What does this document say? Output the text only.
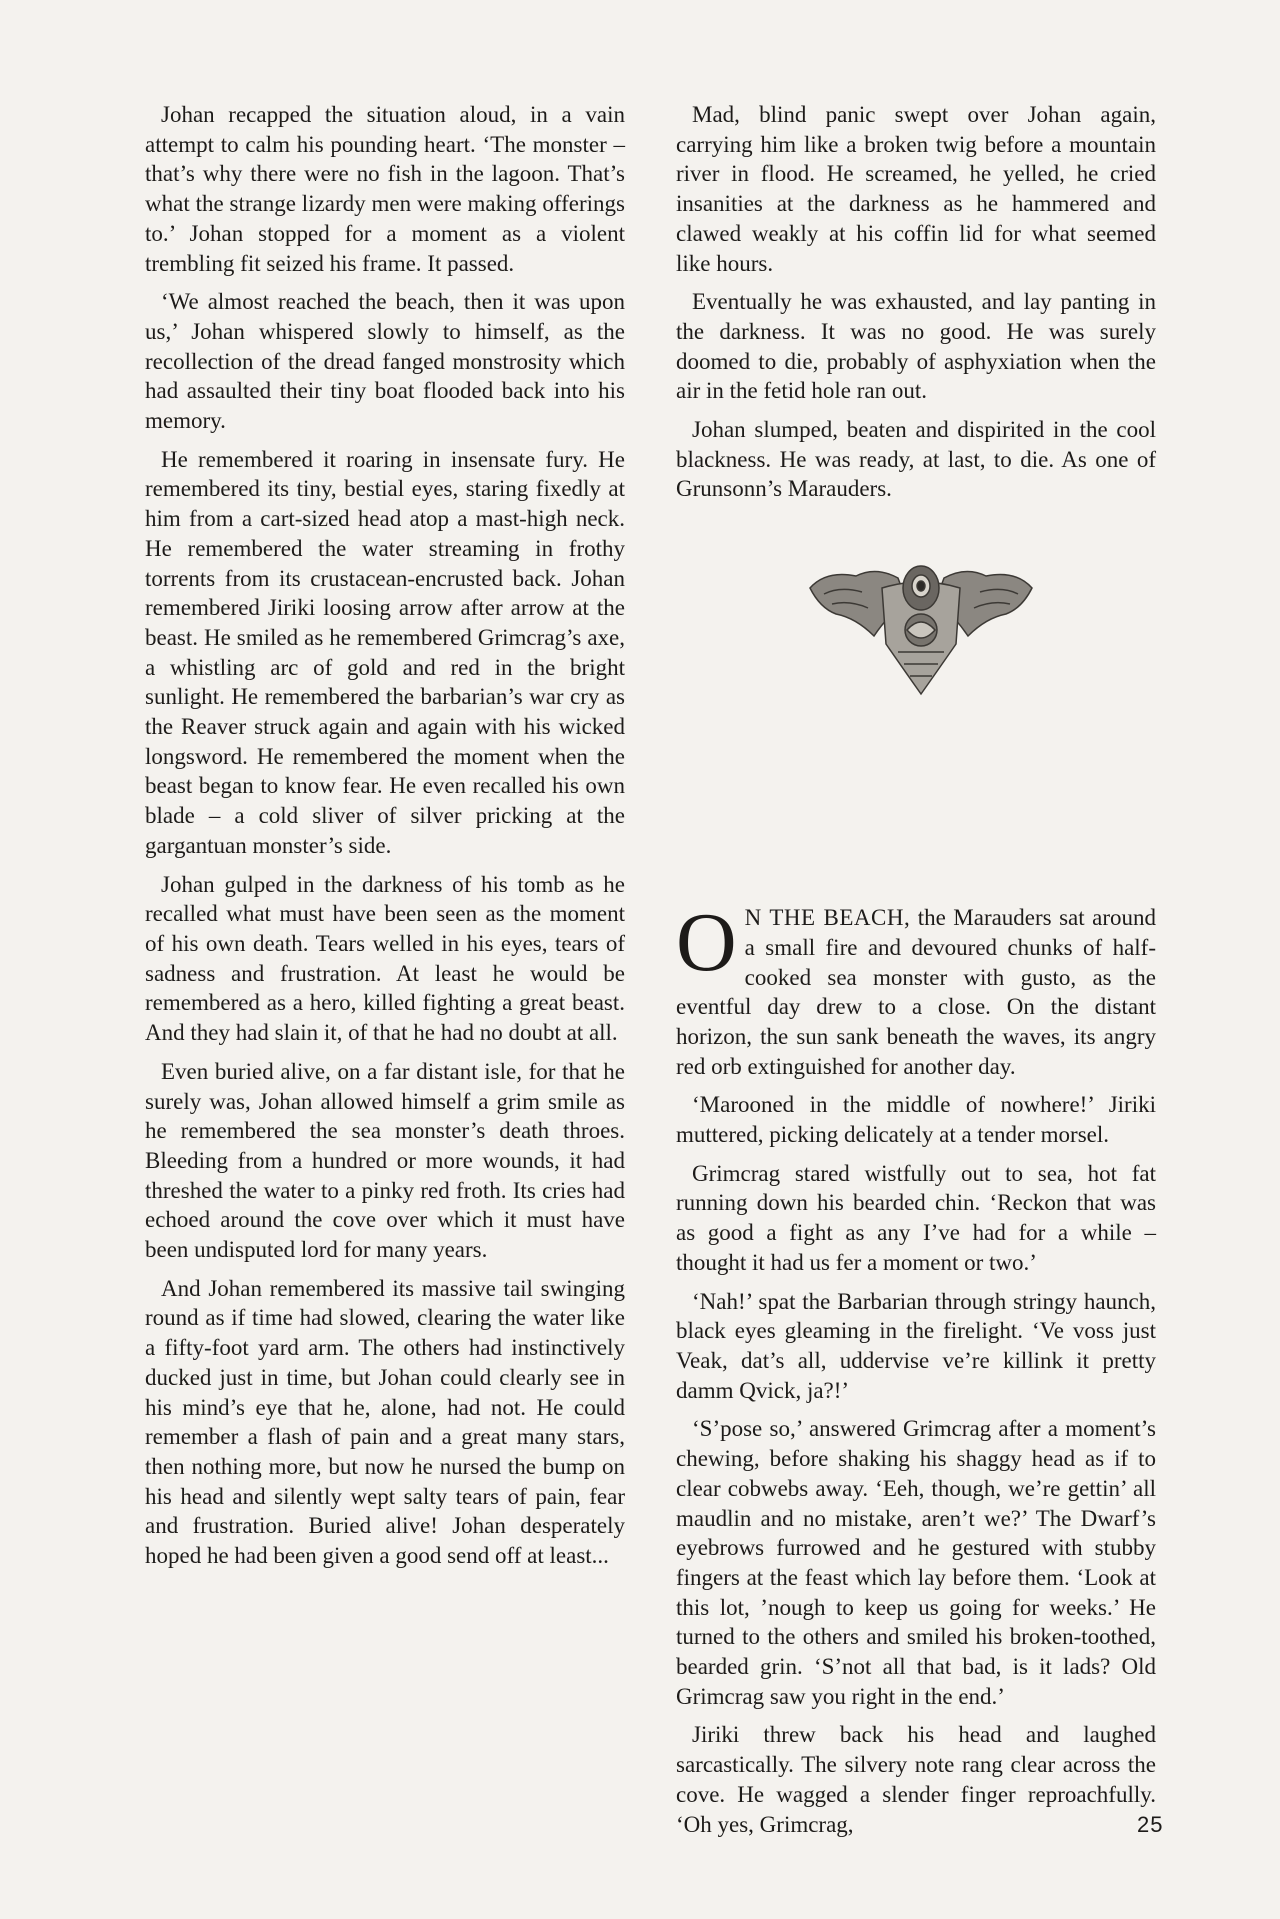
Johan recapped the situation aloud, in a vain attempt to calm his pounding heart. ‘The monster – that’s why there were no fish in the lagoon. That’s what the strange lizardy men were making offerings to.’ Johan stopped for a moment as a violent trembling fit seized his frame. It passed.

‘We almost reached the beach, then it was upon us,’ Johan whispered slowly to himself, as the recollection of the dread fanged monstrosity which had assaulted their tiny boat flooded back into his memory.

He remembered it roaring in insensate fury. He remembered its tiny, bestial eyes, staring fixedly at him from a cart-sized head atop a mast-high neck. He remembered the water streaming in frothy torrents from its crustacean-encrusted back. Johan remembered Jiriki loosing arrow after arrow at the beast. He smiled as he remembered Grimcrag’s axe, a whistling arc of gold and red in the bright sunlight. He remembered the barbarian’s war cry as the Reaver struck again and again with his wicked longsword. He remembered the moment when the beast began to know fear. He even recalled his own blade – a cold sliver of silver pricking at the gargantuan monster’s side.

Johan gulped in the darkness of his tomb as he recalled what must have been seen as the moment of his own death. Tears welled in his eyes, tears of sadness and frustration. At least he would be remembered as a hero, killed fighting a great beast. And they had slain it, of that he had no doubt at all.

Even buried alive, on a far distant isle, for that he surely was, Johan allowed himself a grim smile as he remembered the sea monster’s death throes. Bleeding from a hundred or more wounds, it had threshed the water to a pinky red froth. Its cries had echoed around the cove over which it must have been undisputed lord for many years.

And Johan remembered its massive tail swinging round as if time had slowed, clearing the water like a fifty-foot yard arm. The others had instinctively ducked just in time, but Johan could clearly see in his mind’s eye that he, alone, had not. He could remember a flash of pain and a great many stars, then nothing more, but now he nursed the bump on his head and silently wept salty tears of pain, fear and frustration. Buried alive! Johan desperately hoped he had been given a good send off at least...

Mad, blind panic swept over Johan again, carrying him like a broken twig before a mountain river in flood. He screamed, he yelled, he cried insanities at the darkness as he hammered and clawed weakly at his coffin lid for what seemed like hours.

Eventually he was exhausted, and lay panting in the darkness. It was no good. He was surely doomed to die, probably of asphyxiation when the air in the fetid hole ran out.

Johan slumped, beaten and dispirited in the cool blackness. He was ready, at last, to die. As one of Grunsonn’s Marauders.

O N THE BEACH, the Marauders sat around a small fire and devoured chunks of half-cooked sea monster with gusto, as the eventful day drew to a close. On the distant horizon, the sun sank beneath the waves, its angry red orb extinguished for another day.

‘Marooned in the middle of nowhere!’ Jiriki muttered, picking delicately at a tender morsel.

Grimcrag stared wistfully out to sea, hot fat running down his bearded chin. ‘Reckon that was as good a fight as any I’ve had for a while – thought it had us fer a moment or two.’

‘Nah!’ spat the Barbarian through stringy haunch, black eyes gleaming in the firelight. ‘Ve voss just Veak, dat’s all, uddervise ve’re killink it pretty damm Qvick, ja?!’

‘S’pose so,’ answered Grimcrag after a moment’s chewing, before shaking his shaggy head as if to clear cobwebs away. ‘Eeh, though, we’re gettin’ all maudlin and no mistake, aren’t we?’ The Dwarf’s eyebrows furrowed and he gestured with stubby fingers at the feast which lay before them. ‘Look at this lot, ’nough to keep us going for weeks.’ He turned to the others and smiled his broken-toothed, bearded grin. ‘S’not all that bad, is it lads? Old Grimcrag saw you right in the end.’

Jiriki threw back his head and laughed sarcastically. The silvery note rang clear across the cove. He wagged a slender finger reproachfully. ‘Oh yes, Grimcrag,	25
